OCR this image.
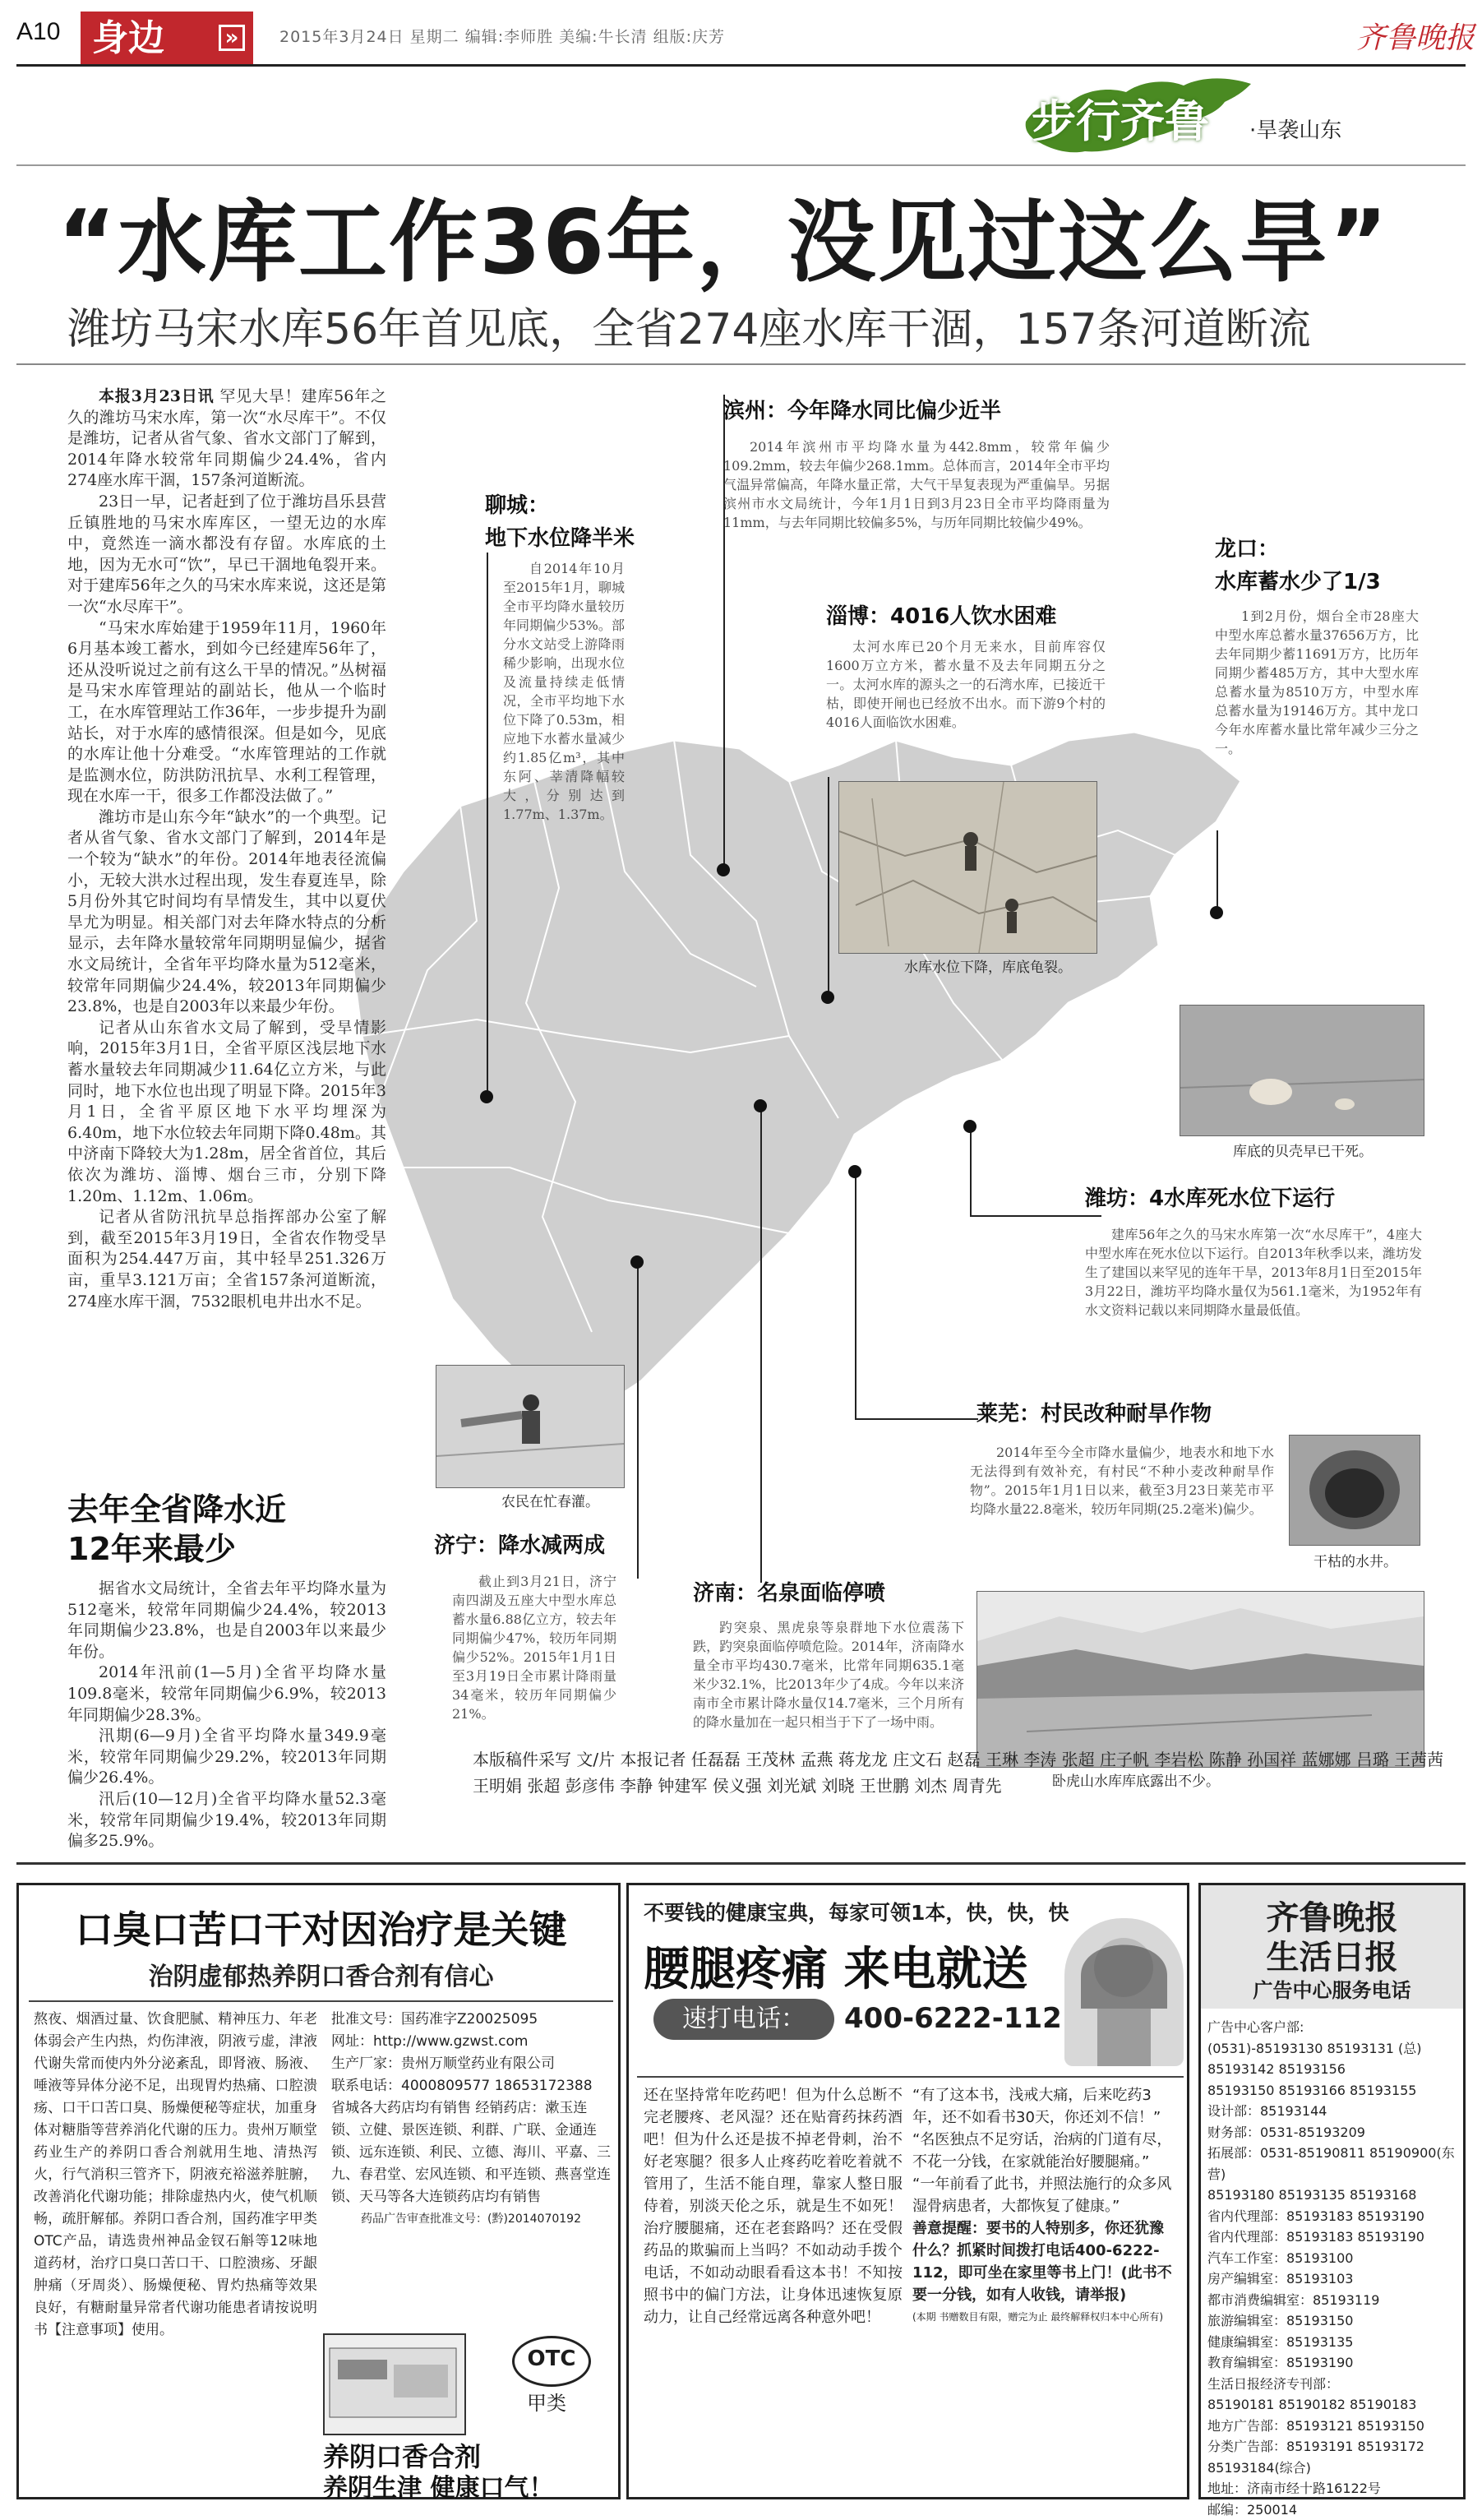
A10 身边	»	2015年3月24日 星期二 编辑:李师胜 美编:牛长清 组版:庆芳	齐鲁晚报
步行齐鲁 ·旱袭山东
“水库工作36年，没见过这么旱”
潍坊马宋水库56年首见底，全省274座水库干涸，157条河道断流

本报3月23日讯 罕见大旱！建库56年之久的潍坊马宋水库，第一次“水尽库干”。不仅是潍坊，记者从省气象、省水文部门了解到，2014年降水较常年同期偏少24.4%，省内274座水库干涸，157条河道断流。

23日一早，记者赶到了位于潍坊昌乐县营丘镇胜地的马宋水库库区，一望无边的水库中，竟然连一滴水都没有存留。水库底的土地，因为无水可“饮”，早已干涸地龟裂开来。对于建库56年之久的马宋水库来说，这还是第一次“水尽库干”。

“马宋水库始建于1959年11月，1960年6月基本竣工蓄水，到如今已经建库56年了，还从没听说过之前有这么干旱的情况。”丛树福是马宋水库管理站的副站长，他从一个临时工，在水库管理站工作36年，一步步提升为副站长，对于水库的感情很深。但是如今，见底的水库让他十分难受。“水库管理站的工作就是监测水位，防洪防汛抗旱、水利工程管理，现在水库一干，很多工作都没法做了。”

潍坊市是山东今年“缺水”的一个典型。记者从省气象、省水文部门了解到，2014年是一个较为“缺水”的年份。2014年地表径流偏小，无较大洪水过程出现，发生春夏连旱，除5月份外其它时间均有旱情发生，其中以夏伏旱尤为明显。相关部门对去年降水特点的分析显示，去年降水量较常年同期明显偏少，据省水文局统计，全省年平均降水量为512毫米，较常年同期偏少24.4%，较2013年同期偏少23.8%，也是自2003年以来最少年份。

记者从山东省水文局了解到，受旱情影响，2015年3月1日，全省平原区浅层地下水蓄水量较去年同期减少11.64亿立方米，与此同时，地下水位也出现了明显下降。2015年3月1日，全省平原区地下水平均埋深为6.40m，地下水位较去年同期下降0.48m。其中济南下降较大为1.28m，居全省首位，其后依次为潍坊、淄博、烟台三市，分别下降1.20m、1.12m、1.06m。

记者从省防汛抗旱总指挥部办公室了解到，截至2015年3月19日，全省农作物受旱面积为254.447万亩，其中轻旱251.326万亩，重旱3.121万亩；全省157条河道断流，274座水库干涸，7532眼机电井出水不足。

去年全省降水近12年来最少

据省水文局统计，全省去年平均降水量为512毫米，较常年同期偏少24.4%，较2013年同期偏少23.8%，也是自2003年以来最少年份。

2014年汛前(1—5月)全省平均降水量109.8毫米，较常年同期偏少6.9%，较2013年同期偏少28.3%。

汛期(6—9月)全省平均降水量349.9毫米，较常年同期偏少29.2%，较2013年同期偏少26.4%。

汛后(10—12月)全省平均降水量52.3毫米，较常年同期偏少19.4%，较2013年同期偏多25.9%。

聊城：
地下水位降半米

自2014年10月至2015年1月，聊城全市平均降水量较历年同期偏少53%。部分水文站受上游降雨稀少影响，出现水位及流量持续走低情况，全市平均地下水位下降了0.53m，相应地下水蓄水量减少约1.85亿m³，其中东阿、莘清降幅较大，分别达到1.77m、1.37m。

滨州：今年降水同比偏少近半

2014年滨州市平均降水量为442.8mm，较常年偏少109.2mm，较去年偏少268.1mm。总体而言，2014年全市平均气温异常偏高，年降水量正常，大气干旱复表现为严重偏旱。另据滨州市水文局统计，今年1月1日到3月23日全市平均降雨量为11mm，与去年同期比较偏多5%，与历年同期比较偏少49%。

淄博：4016人饮水困难

太河水库已20个月无来水，目前库容仅1600万立方米，蓄水量不及去年同期五分之一。太河水库的源头之一的石湾水库，已接近干枯，即使开闸也已经放不出水。而下游9个村的4016人面临饮水困难。

水库水位下降，库底龟裂。
龙口：
水库蓄水少了1/3

1到2月份，烟台全市28座大中型水库总蓄水量37656万方，比去年同期少蓄11691万方，比历年同期少蓄485万方，其中大型水库总蓄水量为8510万方，中型水库总蓄水量为19146万方。其中龙口今年水库蓄水量比常年减少三分之一。

库底的贝壳早已干死。
潍坊：4水库死水位下运行

建库56年之久的马宋水库第一次“水尽库干”，4座大中型水库在死水位以下运行。自2013年秋季以来，潍坊发生了建国以来罕见的连年干旱，2013年8月1日至2015年3月22日，潍坊平均降水量仅为561.1毫米，为1952年有水文资料记载以来同期降水量最低值。

莱芜：村民改种耐旱作物

2014年至今全市降水量偏少，地表水和地下水无法得到有效补充，有村民“不种小麦改种耐旱作物”。2015年1月1日以来，截至3月23日莱芜市平均降水量22.8毫米，较历年同期(25.2毫米)偏少。

干枯的水井。
农民在忙春灌。
济宁：降水减两成

截止到3月21日，济宁南四湖及五座大中型水库总蓄水量6.88亿立方，较去年同期偏少47%，较历年同期偏少52%。2015年1月1日至3月19日全市累计降雨量34毫米，较历年同期偏少21%。

济南：名泉面临停喷

趵突泉、黑虎泉等泉群地下水位震荡下跌，趵突泉面临停喷危险。2014年，济南降水量全市平均430.7毫米，比常年同期635.1毫米少32.1%，比2013年少了4成。今年以来济南市全市累计降水量仅14.7毫米，三个月所有的降水量加在一起只相当于下了一场中雨。

卧虎山水库库底露出不少。
本版稿件采写 文/片 本报记者 任磊磊 王茂林 孟燕 蒋龙龙 庄文石 赵磊 王琳 李涛 张超 庄子帆 李岩松 陈静 孙国祥 蓝娜娜 吕璐 王茜茜 王明娟 张超 彭彦伟 李静 钟建军 侯义强 刘光斌 刘晓 王世鹏 刘杰 周青先
口臭口苦口干对因治疗是关键
治阴虚郁热养阴口香合剂有信心
熬夜、烟酒过量、饮食肥腻、精神压力、年老体弱会产生内热，灼伤津液，阴液亏虚，津液代谢失常而使内外分泌紊乱，即肾液、肠液、唾液等异体分泌不足，出现胃灼热痛、口腔溃疡、口干口苦口臭、肠燥便秘等症状，加重身体对糖脂等营养消化代谢的压力。贵州万顺堂药业生产的养阴口香合剂就用生地、清热泻火，行气消积三管齐下，阴液充裕滋养脏腑，改善消化代谢功能；排除虚热内火，使气机顺畅，疏肝解郁。养阴口香合剂，国药准字甲类OTC产品，请选贵州神品金钗石斛等12味地道药材，治疗口臭口苦口干、口腔溃疡、牙龈肿痛（牙周炎）、肠燥便秘、胃灼热痛等效果良好，有糖耐量异常者代谢功能患者请按说明书【注意事项】使用。
批准文号：国药准字Z20025095
网址：http://www.gzwst.com
生产厂家：贵州万顺堂药业有限公司
联系电话：4000809577 18653172388
省城各大药店均有销售 经销药店：漱玉连锁、立健、景医连锁、利群、广联、金通连锁、远东连锁、利民、立德、海川、平嘉、三九、春君堂、宏风连锁、和平连锁、燕喜堂连锁、天马等各大连锁药店均有销售
药品广告审查批准文号：(黔)2014070192
OTC
甲类
养阴口香合剂
养阴生津 健康口气！
不要钱的健康宝典，每家可领1本，快，快，快
腰腿疼痛 来电就送
速打电话：	400-6222-112
还在坚持常年吃药吧！但为什么总断不完老腰疼、老风湿？还在贴膏药抹药酒吧！但为什么还是拔不掉老骨刺，治不好老寒腿？很多人止疼药吃着吃着就不管用了，生活不能自理，靠家人整日服侍着，别淡天伦之乐，就是生不如死！ 治疗腰腿痛，还在老套路吗？还在受假药品的欺骗而上当吗？不如动动手拨个电话，不如动动眼看看这本书！不知按照书中的偏门方法，让身体迅速恢复原动力，让自己经常远离各种意外吧！
“有了这本书，浅戒大痛，后来吃药3年，还不如看书30天，你还刘不信！”
“名医独点不足穷话，治病的门道有尽，不花一分钱，在家就能治好腰腿痛。”
“一年前看了此书，并照法施行的众多风湿骨病患者，大都恢复了健康。”
善意提醒：要书的人特别多，你还犹豫什么？抓紧时间拨打电话400-6222-112，即可坐在家里等书上门！(此书不要一分钱，如有人收钱，请举报)
(本期 书赠数目有限，赠完为止 最终解释权归本中心所有)
齐鲁晚报
生活日报
广告中心服务电话
广告中心客户部:
(0531)-85193130 85193131 (总)
85193142 85193156
85193150 85193166 85193155
设计部：85193144
财务部：0531-85193209
拓展部：0531-85190811 85190900(东营)
85193180 85193135 85193168
省内代理部：85193183 85193190
省内代理部：85193183 85193190
汽车工作室：85193100
房产编辑室：85193103
都市消费编辑室：85193119
旅游编辑室：85193150
健康编辑室：85193135
教育编辑室：85193190
生活日报经济专刊部：
85190181 85190182 85190183
地方广告部：85193121 85193150
分类广告部：85193191 85193172
85193184(综合)
地址：济南市经十路16122号
邮编：250014
